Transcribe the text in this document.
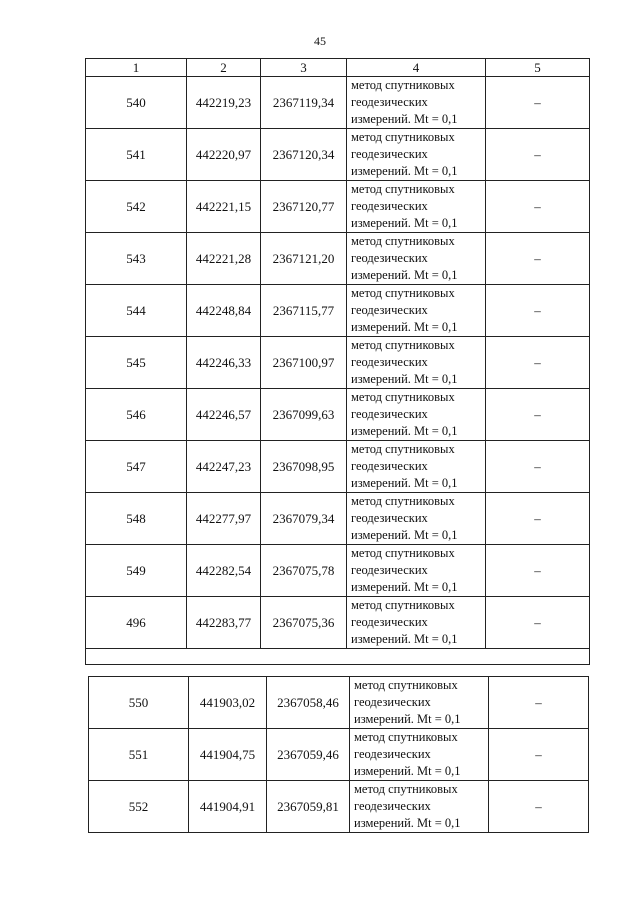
45
1	2	3	4	5
540	442219,23	2367119,34	метод спутниковых
геодезических
измерений. Mt = 0,1	–
541	442220,97	2367120,34	метод спутниковых
геодезических
измерений. Mt = 0,1	–
542	442221,15	2367120,77	метод спутниковых
геодезических
измерений. Mt = 0,1	–
543	442221,28	2367121,20	метод спутниковых
геодезических
измерений. Mt = 0,1	–
544	442248,84	2367115,77	метод спутниковых
геодезических
измерений. Mt = 0,1	–
545	442246,33	2367100,97	метод спутниковых
геодезических
измерений. Mt = 0,1	–
546	442246,57	2367099,63	метод спутниковых
геодезических
измерений. Mt = 0,1	–
547	442247,23	2367098,95	метод спутниковых
геодезических
измерений. Mt = 0,1	–
548	442277,97	2367079,34	метод спутниковых
геодезических
измерений. Mt = 0,1	–
549	442282,54	2367075,78	метод спутниковых
геодезических
измерений. Mt = 0,1	–
496	442283,77	2367075,36	метод спутниковых
геодезических
измерений. Mt = 0,1	–

550	441903,02	2367058,46	метод спутниковых
геодезических
измерений. Mt = 0,1	–
551	441904,75	2367059,46	метод спутниковых
геодезических
измерений. Mt = 0,1	–
552	441904,91	2367059,81	метод спутниковых
геодезических
измерений. Mt = 0,1	–
